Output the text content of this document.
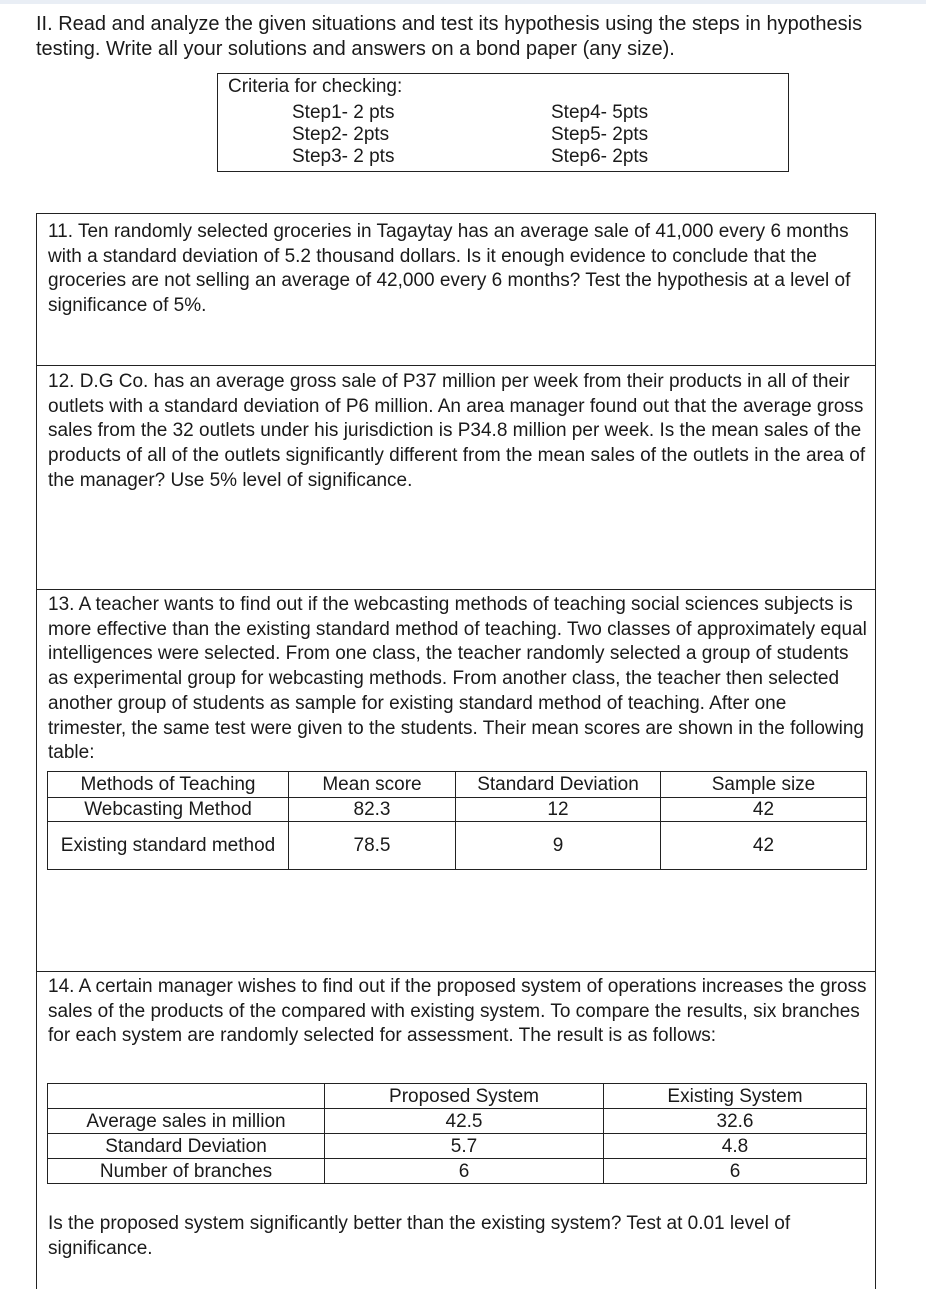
II. Read and analyze the given situations and test its hypothesis using the steps in hypothesis testing. Write all your solutions and answers on a bond paper (any size).
Criteria for checking:
Step1- 2 pts
Step2- 2pts
Step3- 2 pts
Step4- 5pts
Step5- 2pts
Step6- 2pts
11. Ten randomly selected groceries in Tagaytay has an average sale of 41,000 every 6 months with a standard deviation of 5.2 thousand dollars. Is it enough evidence to conclude that the groceries are not selling an average of 42,000 every 6 months? Test the hypothesis at a level of significance of 5%.
12. D.G Co. has an average gross sale of P37 million per week from their products in all of their outlets with a standard deviation of P6 million. An area manager found out that the average gross sales from the 32 outlets under his jurisdiction is P34.8 million per week. Is the mean sales of the products of all of the outlets significantly different from the mean sales of the outlets in the area of the manager? Use 5% level of significance.
13. A teacher wants to find out if the webcasting methods of teaching social sciences subjects is more effective than the existing standard method of teaching. Two classes of approximately equal intelligences were selected. From one class, the teacher randomly selected a group of students as experimental group for webcasting methods. From another class, the teacher then selected another group of students as sample for existing standard method of teaching. After one trimester, the same test were given to the students. Their mean scores are shown in the following table:
Methods of Teaching	Mean score	Standard Deviation	Sample size
Webcasting Method	82.3	12	42
Existing standard method	78.5	9	42
14. A certain manager wishes to find out if the proposed system of operations increases the gross sales of the products of the compared with existing system. To compare the results, six branches for each system are randomly selected for assessment. The result is as follows:
	Proposed System	Existing System
Average sales in million	42.5	32.6
Standard Deviation	5.7	4.8
Number of branches	6	6
Is the proposed system significantly better than the existing system? Test at 0.01 level of significance.
